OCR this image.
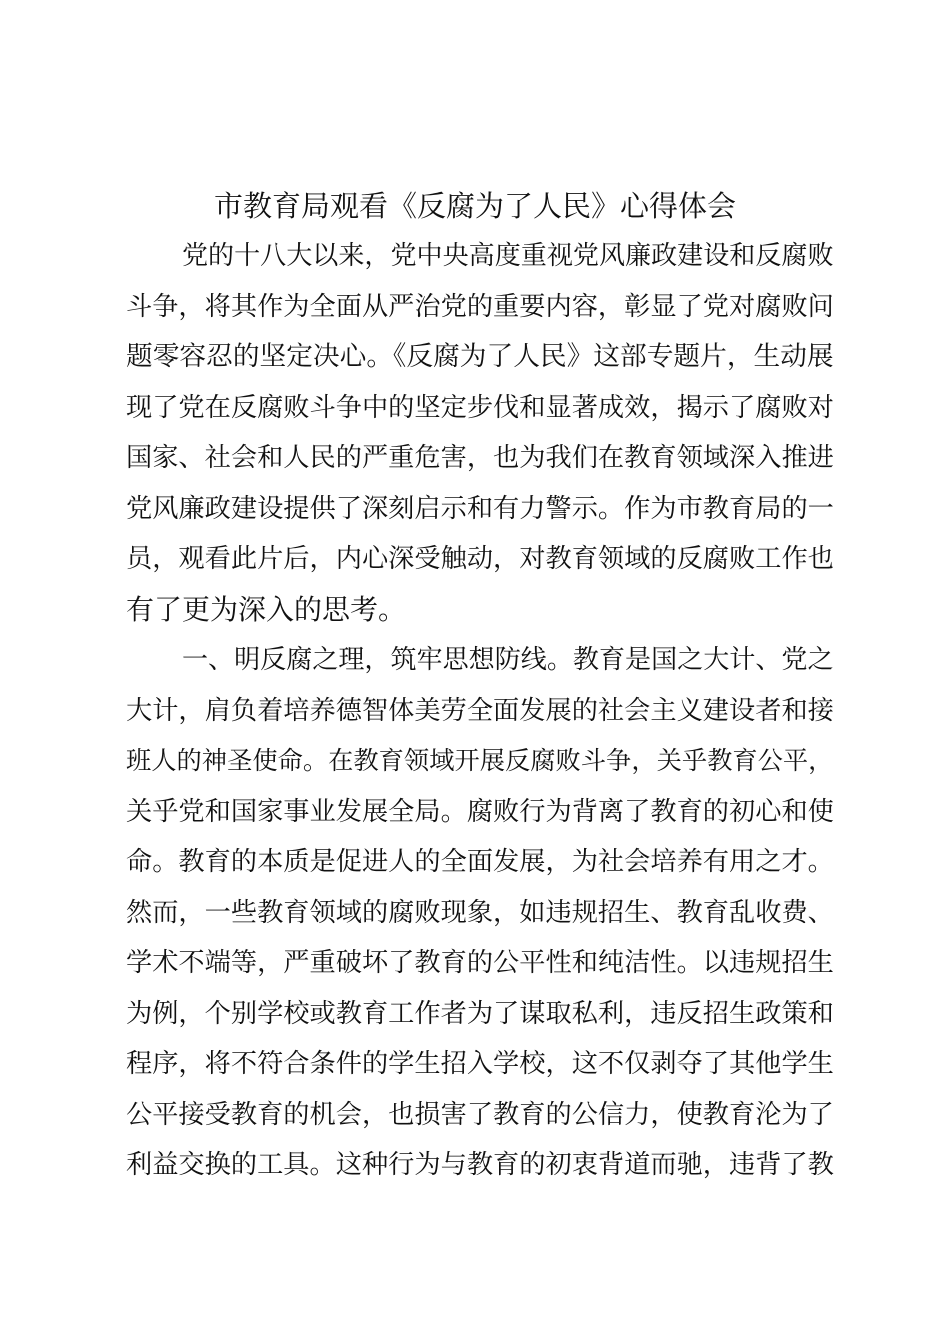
市教育局观看《反腐为了人民》心得体会
党的十八大以来，党中央高度重视党风廉政建设和反腐败
斗争，将其作为全面从严治党的重要内容，彰显了党对腐败问
题零容忍的坚定决心。《反腐为了人民》这部专题片，生动展
现了党在反腐败斗争中的坚定步伐和显著成效，揭示了腐败对
国家、社会和人民的严重危害，也为我们在教育领域深入推进
党风廉政建设提供了深刻启示和有力警示。作为市教育局的一
员，观看此片后，内心深受触动，对教育领域的反腐败工作也
有了更为深入的思考。
一、明反腐之理，筑牢思想防线。教育是国之大计、党之
大计，肩负着培养德智体美劳全面发展的社会主义建设者和接
班人的神圣使命。在教育领域开展反腐败斗争，关乎教育公平，
关乎党和国家事业发展全局。腐败行为背离了教育的初心和使
命。教育的本质是促进人的全面发展，为社会培养有用之才。
然而，一些教育领域的腐败现象，如违规招生、教育乱收费、
学术不端等，严重破坏了教育的公平性和纯洁性。以违规招生
为例，个别学校或教育工作者为了谋取私利，违反招生政策和
程序，将不符合条件的学生招入学校，这不仅剥夺了其他学生
公平接受教育的机会，也损害了教育的公信力，使教育沦为了
利益交换的工具。这种行为与教育的初衷背道而驰，违背了教
